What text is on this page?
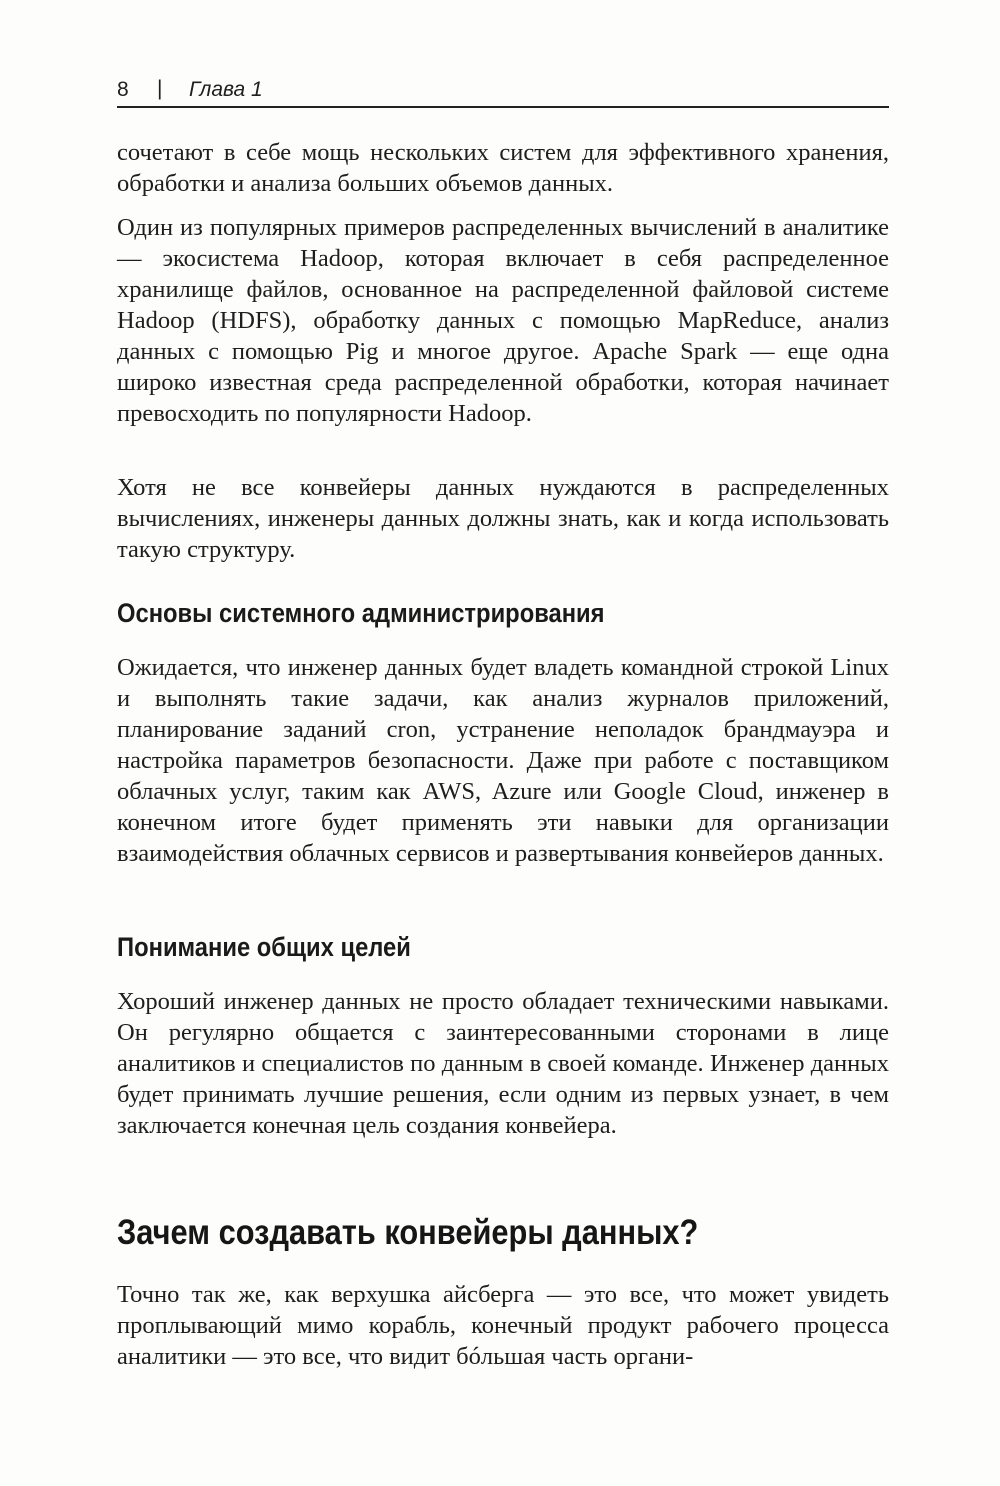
8 | Глава 1

сочетают в себе мощь нескольких систем для эффективного хранения, обработки и анализа больших объемов данных.

Один из популярных примеров распределенных вычислений в аналитике — экосистема Hadoop, которая включает в себя распределенное хранилище файлов, основанное на распределенной файловой системе Hadoop (HDFS), обработку данных с помощью MapReduce, анализ данных с помощью Pig и многое другое. Apache Spark — еще одна широко известная среда распределенной обработки, которая начинает превосходить по популярности Hadoop.

Хотя не все конвейеры данных нуждаются в распределенных вычислениях, инженеры данных должны знать, как и когда использовать такую структуру.

Основы системного администрирования

Ожидается, что инженер данных будет владеть командной строкой Linux и выполнять такие задачи, как анализ журналов приложений, планирование заданий cron, устранение неполадок брандмауэра и настройка параметров безопасности. Даже при работе с поставщиком облачных услуг, таким как AWS, Azure или Google Cloud, инженер в конечном итоге будет применять эти навыки для организации взаимодействия облачных сервисов и развертывания конвейеров данных.

Понимание общих целей

Хороший инженер данных не просто обладает техническими навыками. Он регулярно общается с заинтересованными сторонами в лице аналитиков и специалистов по данным в своей команде. Инженер данных будет принимать лучшие решения, если одним из первых узнает, в чем заключается конечная цель создания конвейера.

Зачем создавать конвейеры данных?

Точно так же, как верхушка айсберга — это все, что может увидеть проплывающий мимо корабль, конечный продукт рабочего процесса аналитики — это все, что видит бóльшая часть органи-
